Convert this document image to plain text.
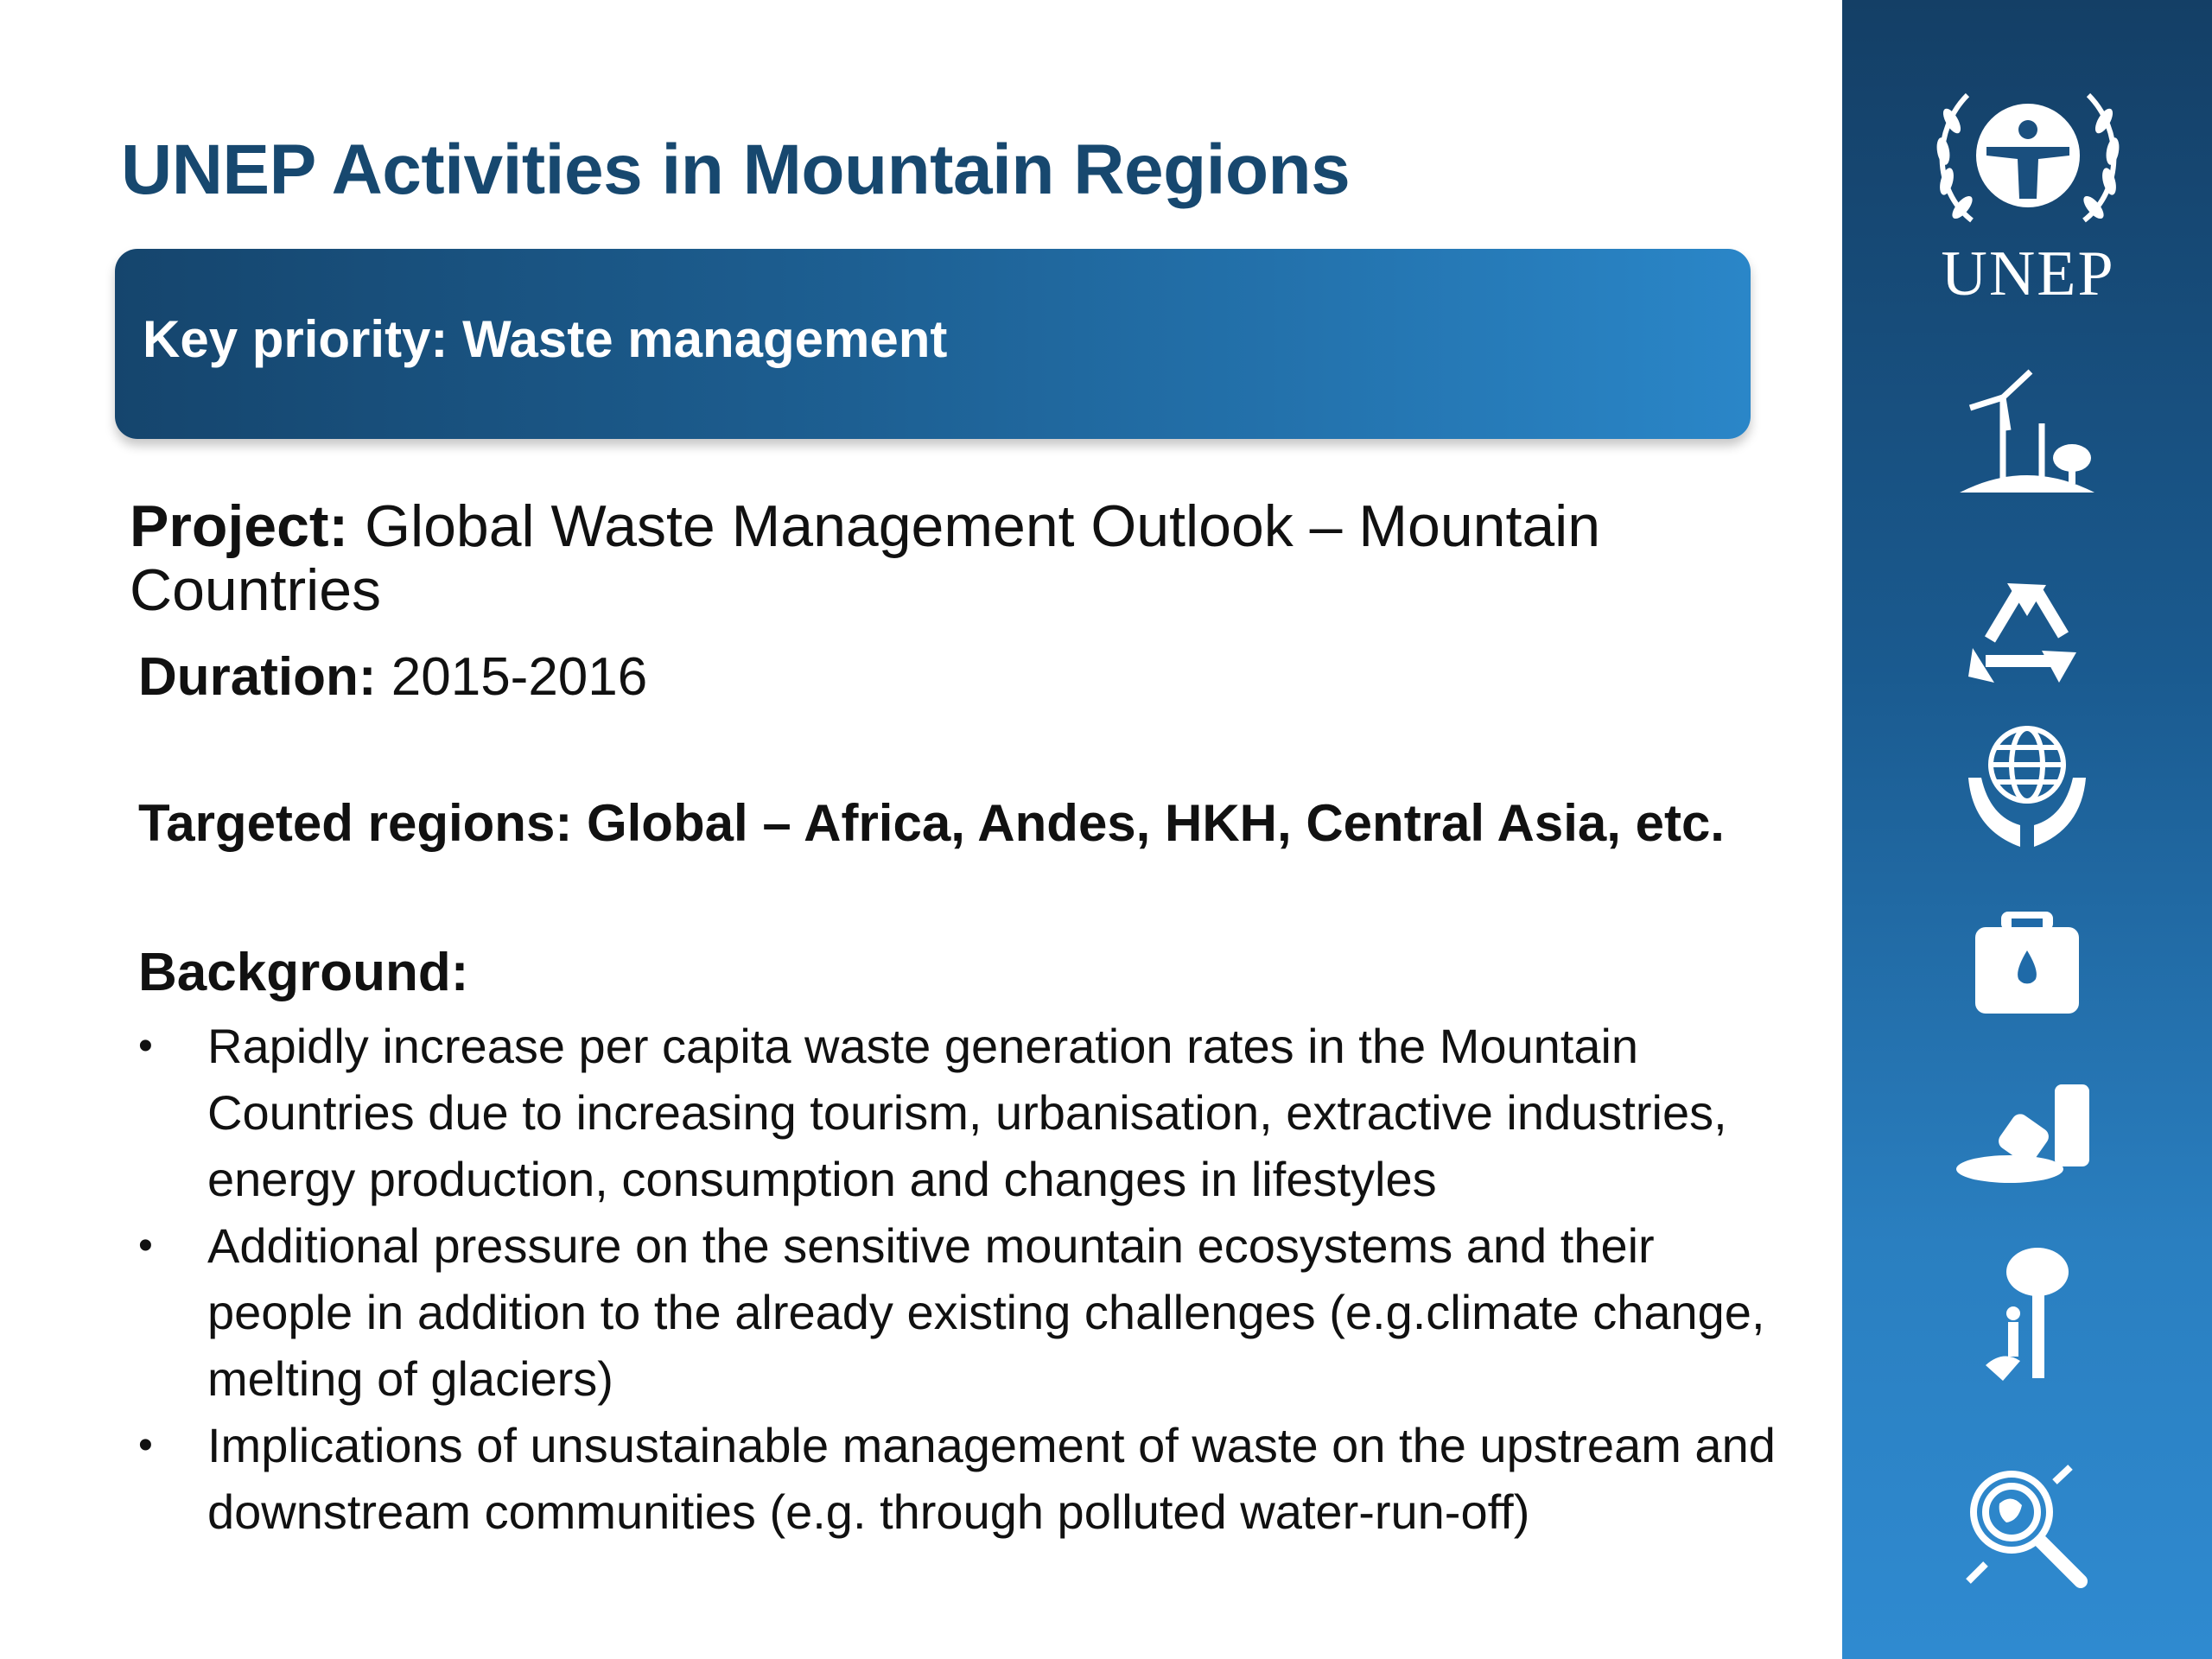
UNEP Activities in Mountain Regions
Key priority: Waste management
Project: Global Waste Management Outlook – Mountain Countries
Duration: 2015-2016
Targeted regions: Global – Africa, Andes, HKH, Central Asia, etc.
Background:
•	Rapidly increase per capita waste generation rates in the Mountain Countries due to increasing tourism, urbanisation, extractive industries, energy production, consumption and changes in lifestyles
•	Additional pressure on the sensitive mountain ecosystems and their people in addition to the already existing challenges (e.g.climate change, melting of glaciers)
•	Implications of unsustainable management of waste on the upstream and downstream communities (e.g. through polluted water-run-off)
UNEP
